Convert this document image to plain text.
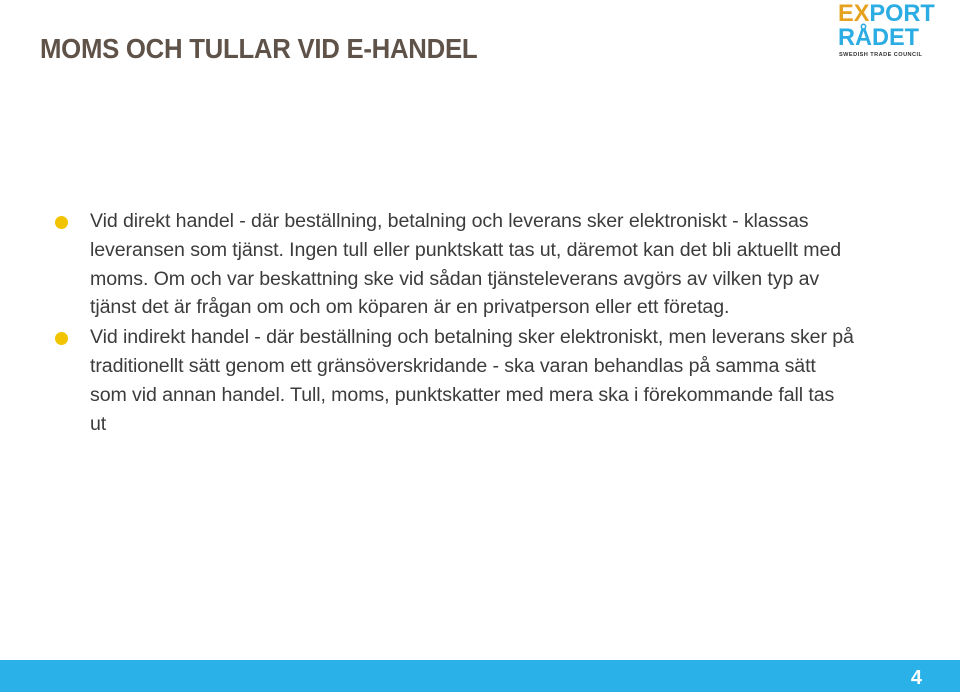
MOMS OCH TULLAR VID E-HANDEL
EXPORT
RÅDET
SWEDISH TRADE COUNCIL
Vid direkt handel - där beställning, betalning och leverans sker elektroniskt - klassas leveransen som tjänst. Ingen tull eller punktskatt tas ut, däremot kan det bli aktuellt med moms. Om och var beskattning ske vid sådan tjänsteleverans avgörs av vilken typ av tjänst det är frågan om och om köparen är en privatperson eller ett företag.
Vid indirekt handel - där beställning och betalning sker elektroniskt, men leverans sker på traditionellt sätt genom ett gränsöverskridande - ska varan behandlas på samma sätt som vid annan handel. Tull, moms, punktskatter med mera ska i förekommande fall tas ut
4
